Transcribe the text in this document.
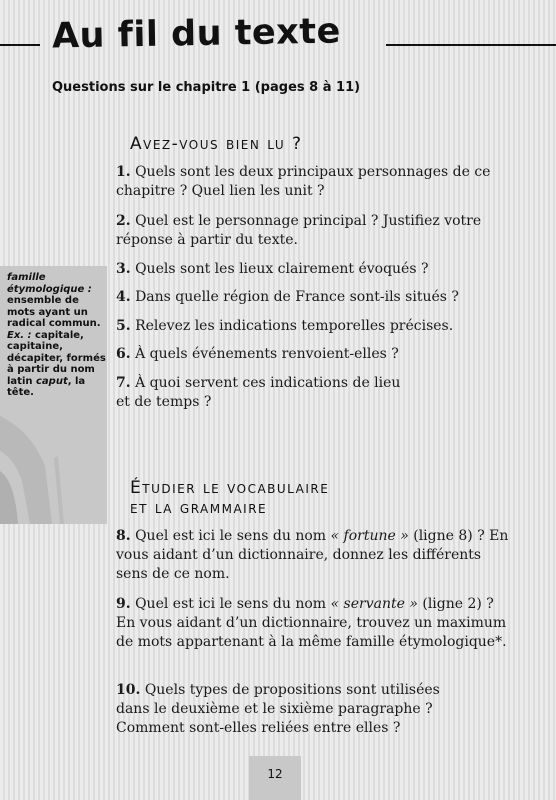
Au fil du texte
Questions sur le chapitre 1 (pages 8 à 11)
Avez-vous bien lu ?
1. Quels sont les deux principaux personnages de ce chapitre ? Quel lien les unit ?
2. Quel est le personnage principal ? Justifiez votre réponse à partir du texte.
3. Quels sont les lieux clairement évoqués ?
4. Dans quelle région de France sont-ils situés ?
5. Relevez les indications temporelles précises.
6. À quels événements renvoient-elles ?
7. À quoi servent ces indications de lieu et de temps ?
famille étymologique : ensemble de mots ayant un radical commun.
Ex. : capitale, capitaine, décapiter, formés à partir du nom latin caput, la tête.
Étudier le vocabulaire
et la grammaire
8. Quel est ici le sens du nom « fortune » (ligne 8) ? En vous aidant d’un dictionnaire, donnez les différents sens de ce nom.
9. Quel est ici le sens du nom « servante » (ligne 2) ? En vous aidant d’un dictionnaire, trouvez un maximum de mots appartenant à la même famille étymologique*.
10. Quels types de propositions sont utilisées dans le deuxième et le sixième paragraphe ? Comment sont-elles reliées entre elles ?
12
